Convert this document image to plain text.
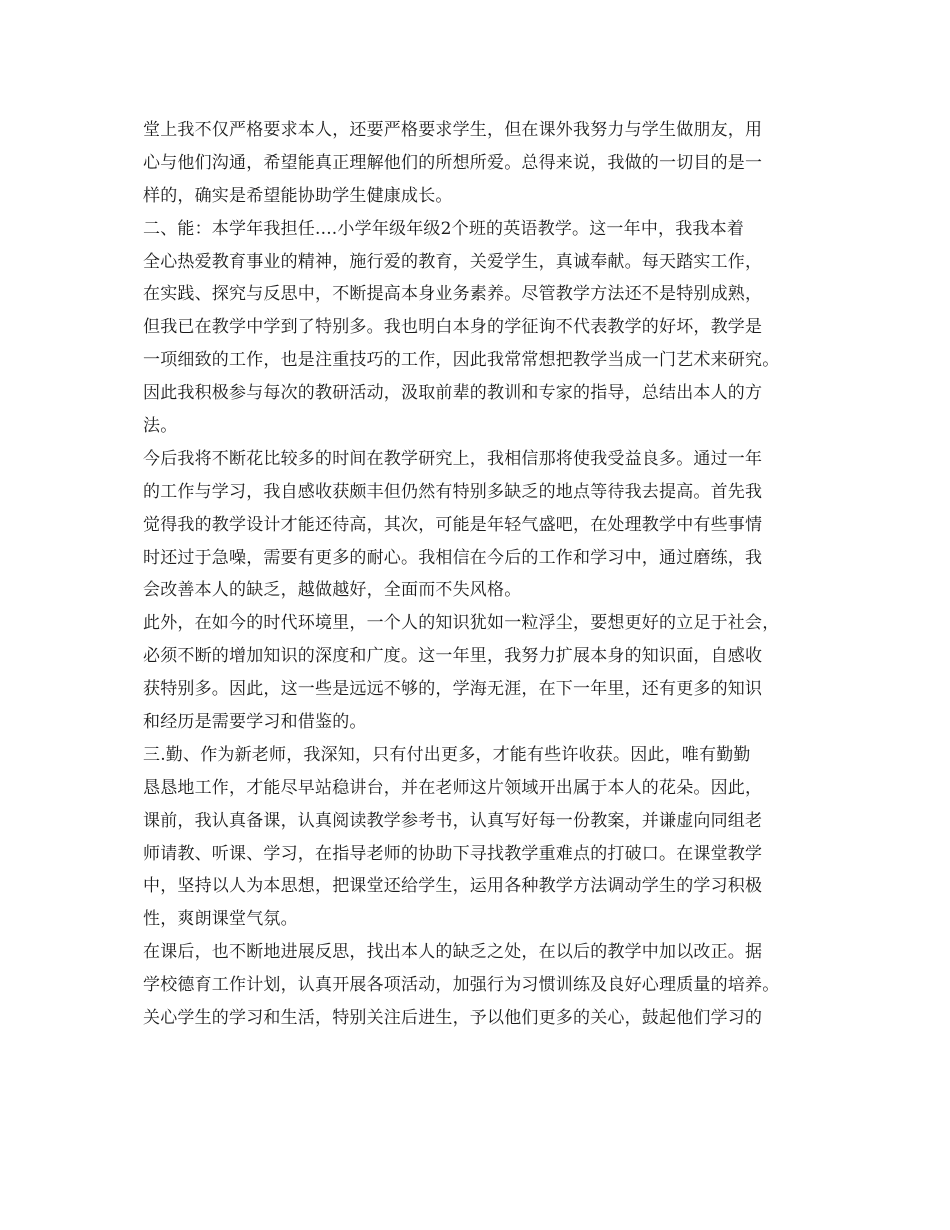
堂上我不仅严格要求本人，还要严格要求学生，但在课外我努力与学生做朋友，用
心与他们沟通，希望能真正理解他们的所想所爱。总得来说，我做的一切目的是一
样的，确实是希望能协助学生健康成长。
二、能：本学年我担任....小学年级年级2个班的英语教学。这一年中，我我本着
全心热爱教育事业的精神，施行爱的教育，关爱学生，真诚奉献。每天踏实工作，
在实践、探究与反思中，不断提高本身业务素养。尽管教学方法还不是特别成熟，
但我已在教学中学到了特别多。我也明白本身的学征询不代表教学的好坏，教学是
一项细致的工作，也是注重技巧的工作，因此我常常想把教学当成一门艺术来研究。
因此我积极参与每次的教研活动，汲取前辈的教训和专家的指导，总结出本人的方
法。
今后我将不断花比较多的时间在教学研究上，我相信那将使我受益良多。通过一年
的工作与学习，我自感收获颇丰但仍然有特别多缺乏的地点等待我去提高。首先我
觉得我的教学设计才能还待高，其次，可能是年轻气盛吧，在处理教学中有些事情
时还过于急噪，需要有更多的耐心。我相信在今后的工作和学习中，通过磨练，我
会改善本人的缺乏，越做越好，全面而不失风格。
此外，在如今的时代环境里，一个人的知识犹如一粒浮尘，要想更好的立足于社会，
必须不断的增加知识的深度和广度。这一年里，我努力扩展本身的知识面，自感收
获特别多。因此，这一些是远远不够的，学海无涯，在下一年里，还有更多的知识
和经历是需要学习和借鉴的。
三.勤、作为新老师，我深知，只有付出更多，才能有些许收获。因此，唯有勤勤
恳恳地工作，才能尽早站稳讲台，并在老师这片领域开出属于本人的花朵。因此，
课前，我认真备课，认真阅读教学参考书，认真写好每一份教案，并谦虚向同组老
师请教、听课、学习，在指导老师的协助下寻找教学重难点的打破口。在课堂教学
中，坚持以人为本思想，把课堂还给学生，运用各种教学方法调动学生的学习积极
性，爽朗课堂气氛。
在课后，也不断地进展反思，找出本人的缺乏之处，在以后的教学中加以改正。据
学校德育工作计划，认真开展各项活动，加强行为习惯训练及良好心理质量的培养。
关心学生的学习和生活，特别关注后进生，予以他们更多的关心，鼓起他们学习的
